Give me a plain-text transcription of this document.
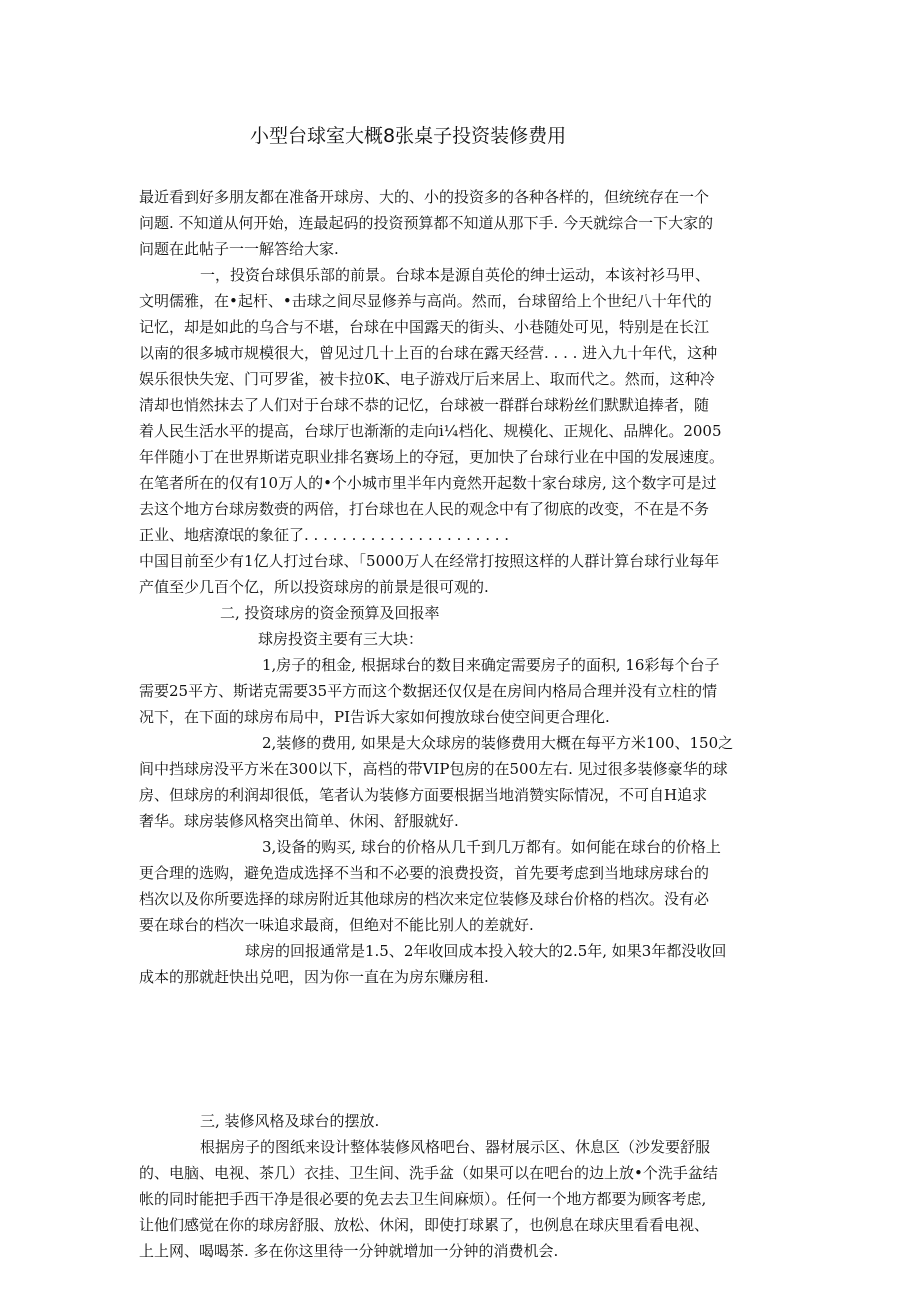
小型台球室大概8张桌子投资装修费用
最近看到好多朋友都在准备开球房、大的、小的投资多的各种各样的，但统统存在一个
问题. 不知道从何开始，连最起码的投资预算都不知道从那下手. 今天就综合一下大家的
问题在此帖子一一解答给大家.
一，投资台球俱乐部的前景。台球本是源自英伦的绅士运动，本该衬衫马甲、
文明儒雅，在•起杆、•击球之间尽显修养与高尚。然而，台球留给上个世纪八十年代的
记忆，却是如此的乌合与不堪，台球在中国露天的街头、小巷随处可见，特别是在长江
以南的很多城市规模很大，曾见过几十上百的台球在露天经营. . . . 进入九十年代，这种
娱乐很快失宠、门可罗雀，被卡拉0K、电子游戏厅后来居上、取而代之。然而，这种冷
清却也悄然抹去了人们对于台球不恭的记忆，台球被一群群台球粉丝们默默追捧者，随
着人民生活水平的提高，台球厅也渐渐的走向i¼档化、规模化、正规化、品牌化。2005
年伴随小丁在世界斯诺克职业排名赛场上的夺冠，更加快了台球行业在中国的发展速度。
在笔者所在的仅有10万人的•个小城市里半年内竟然开起数十家台球房, 这个数字可是过
去这个地方台球房数赍的两倍，打台球也在人民的观念中有了彻底的改变，不在是不务
正业、地痞潦氓的象征了. . . . . . . . . . . . . . . . . . . . . .
中国目前至少有1亿人打过台球、「5000万人在经常打按照这样的人群计算台球行业每年
产值至少几百个亿，所以投资球房的前景是很可观的.
二, 投资球房的资金预算及回报率
球房投资主要有三大块：
1,房子的租金, 根据球台的数目来确定需要房子的面积, 16彩每个台子
需要25平方、斯诺克需要35平方而这个数据还仅仅是在房间内格局合理并没有立柱的情
况下，在下面的球房布局中，PI告诉大家如何搜放球台使空间更合理化.
2,装修的费用, 如果是大众球房的装修费用大概在每平方米100、150之
间中挡球房没平方米在300以下，高档的带VIP包房的在500左右. 见过很多装修豪华的球
房、但球房的利润却很低，笔者认为装修方面要根据当地消赞实际情况，不可自H追求
奢华。球房装修风格突出简单、休闲、舒服就好.
3,设备的购买, 球台的价格从几千到几万都有。如何能在球台的价格上
更合理的选购，避免造成选择不当和不必要的浪费投资，首先要考虑到当地球房球台的
档次以及你所要选择的球房附近其他球房的档次来定位装修及球台价格的档次。没有必
要在球台的档次一味追求最商，但绝对不能比别人的差就好.
球房的回报通常是1.5、2年收回成本投入较大的2.5年, 如果3年都没收回
成本的那就赶快出兑吧，因为你一直在为房东赚房租.
三, 装修风格及球台的摆放.
根据房子的图纸来设计整体装修风格吧台、器材展示区、休息区（沙发要舒服
的、电脑、电视、茶几）衣挂、卫生间、洗手盆（如果可以在吧台的边上放•个洗手盆结
帐的同时能把手西干净是很必要的免去去卫生间麻烦）。任何一个地方都要为顾客考虑,
让他们感觉在你的球房舒服、放松、休闲，即使打球累了，也例息在球庆里看看电视、
上上网、喝喝茶. 多在你这里待一分钟就增加一分钟的消费机会.
